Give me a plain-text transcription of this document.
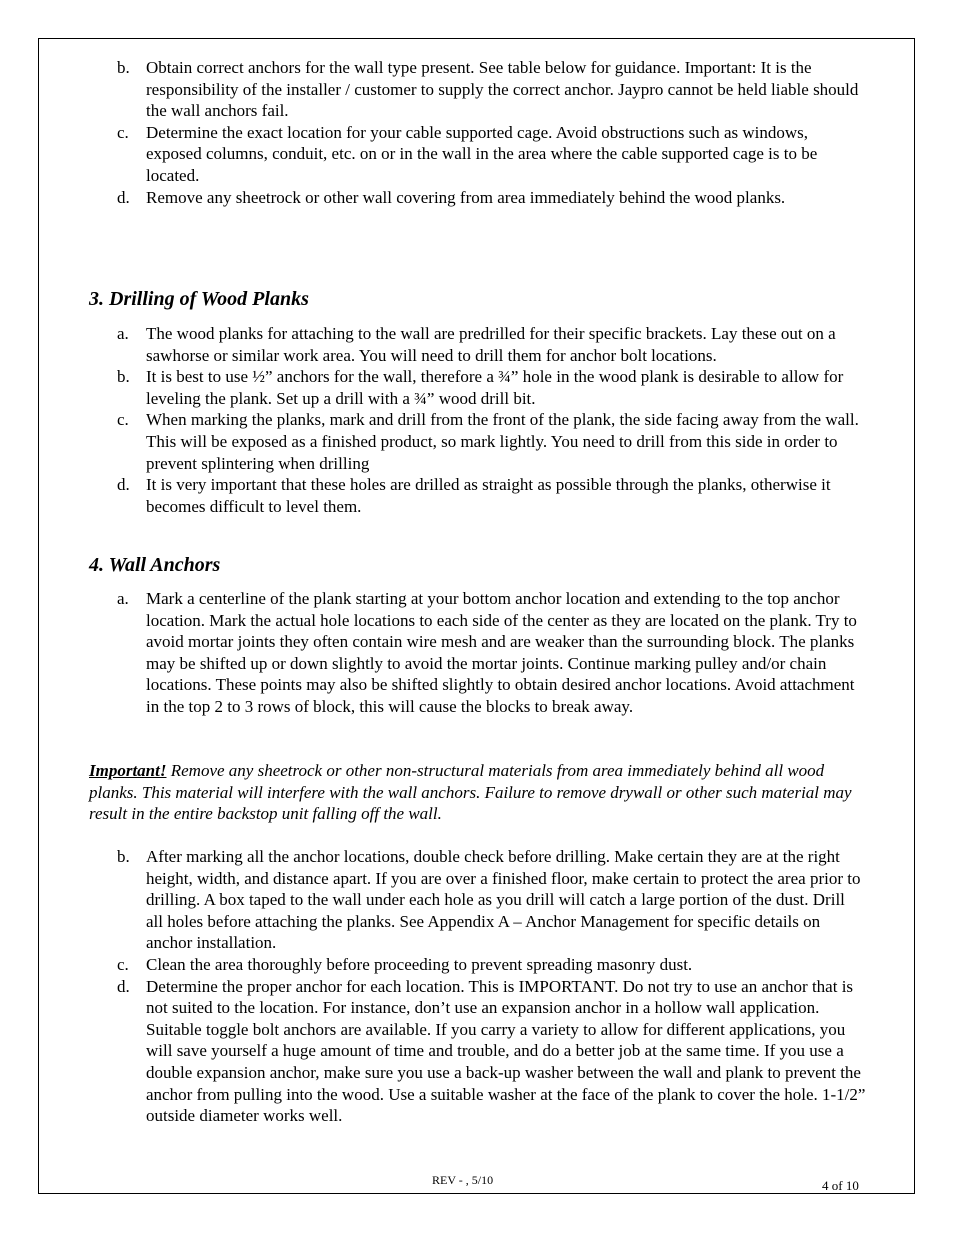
b. Obtain correct anchors for the wall type present. See table below for guidance. Important: It is the responsibility of the installer / customer to supply the correct anchor. Jaypro cannot be held liable should the wall anchors fail.
c. Determine the exact location for your cable supported cage. Avoid obstructions such as windows, exposed columns, conduit, etc. on or in the wall in the area where the cable supported cage is to be located.
d. Remove any sheetrock or other wall covering from area immediately behind the wood planks.
3. Drilling of Wood Planks
a. The wood planks for attaching to the wall are predrilled for their specific brackets. Lay these out on a sawhorse or similar work area. You will need to drill them for anchor bolt locations.
b. It is best to use ½” anchors for the wall, therefore a ¾” hole in the wood plank is desirable to allow for leveling the plank. Set up a drill with a ¾” wood drill bit.
c. When marking the planks, mark and drill from the front of the plank, the side facing away from the wall. This will be exposed as a finished product, so mark lightly. You need to drill from this side in order to prevent splintering when drilling
d. It is very important that these holes are drilled as straight as possible through the planks, otherwise it becomes difficult to level them.
4. Wall Anchors
a. Mark a centerline of the plank starting at your bottom anchor location and extending to the top anchor location. Mark the actual hole locations to each side of the center as they are located on the plank. Try to avoid mortar joints they often contain wire mesh and are weaker than the surrounding block. The planks may be shifted up or down slightly to avoid the mortar joints. Continue marking pulley and/or chain locations. These points may also be shifted slightly to obtain desired anchor locations. Avoid attachment in the top 2 to 3 rows of block, this will cause the blocks to break away.

Important! Remove any sheetrock or other non-structural materials from area immediately behind all wood planks. This material will interfere with the wall anchors. Failure to remove drywall or other such material may result in the entire backstop unit falling off the wall.

b. After marking all the anchor locations, double check before drilling. Make certain they are at the right height, width, and distance apart. If you are over a finished floor, make certain to protect the area prior to drilling. A box taped to the wall under each hole as you drill will catch a large portion of the dust. Drill all holes before attaching the planks. See Appendix A – Anchor Management for specific details on anchor installation.
c. Clean the area thoroughly before proceeding to prevent spreading masonry dust.
d. Determine the proper anchor for each location. This is IMPORTANT. Do not try to use an anchor that is not suited to the location. For instance, don’t use an expansion anchor in a hollow wall application. Suitable toggle bolt anchors are available. If you carry a variety to allow for different applications, you will save yourself a huge amount of time and trouble, and do a better job at the same time. If you use a double expansion anchor, make sure you use a back-up washer between the wall and plank to prevent the anchor from pulling into the wood. Use a suitable washer at the face of the plank to cover the hole. 1-1/2” outside diameter works well.
REV - , 5/10	4 of 10
